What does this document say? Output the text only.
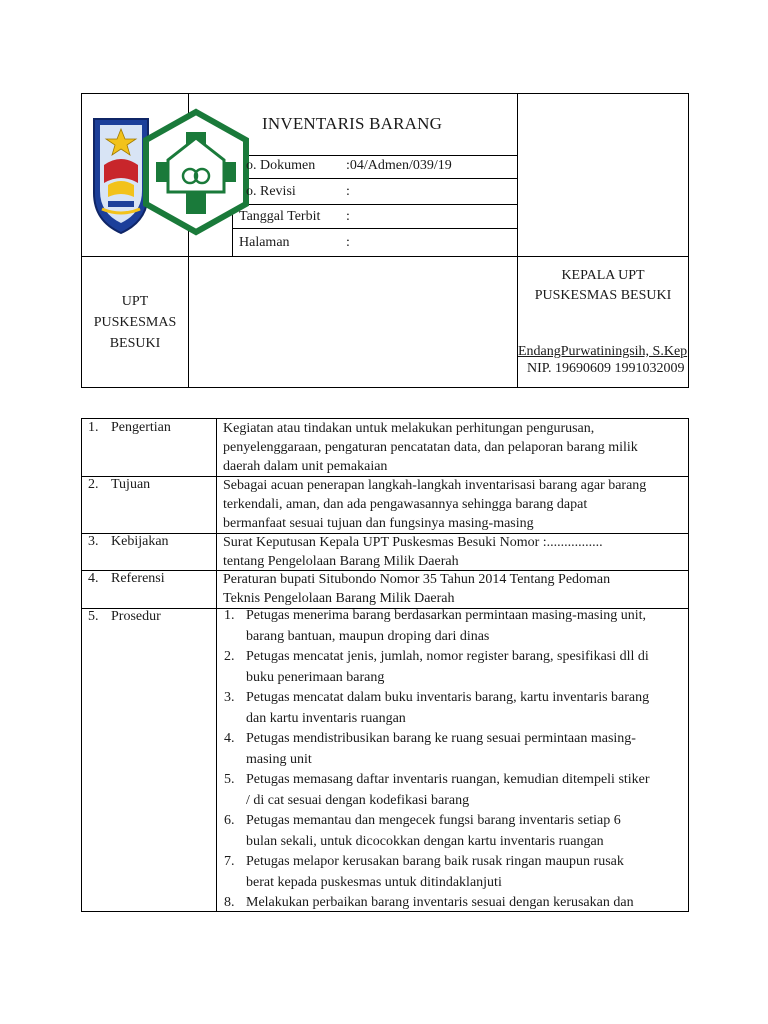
INVENTARIS BARANG
o. Dokumen :04/Admen/039/19
o. Revisi	:
Tanggal Terbit :
Halaman	:
UPT
PUSKESMAS
BESUKI
KEPALA UPT
PUSKESMAS BESUKI
EndangPurwatiningsih, S.Kep
NIP. 19690609 1991032009
1. Pengertian	Kegiatan atau tindakan untuk melakukan perhitungan pengurusan,
penyelenggaraan, pengaturan pencatatan data, dan pelaporan barang milik
daerah dalam unit pemakaian
2. Tujuan	Sebagai acuan penerapan langkah-langkah inventarisasi barang agar barang
terkendali, aman, dan ada pengawasannya sehingga barang dapat
bermanfaat sesuai tujuan dan fungsinya masing-masing
3. Kebijakan	Surat Keputusan Kepala UPT Puskesmas Besuki Nomor :................
tentang Pengelolaan Barang Milik Daerah
4. Referensi	Peraturan bupati Situbondo Nomor 35 Tahun 2014 Tentang Pedoman
Teknis Pengelolaan Barang Milik Daerah
5. Prosedur	1. Petugas menerima barang berdasarkan permintaan masing-masing unit,
barang bantuan, maupun droping dari dinas
2. Petugas mencatat jenis, jumlah, nomor register barang, spesifikasi dll di
buku penerimaan barang
3. Petugas mencatat dalam buku inventaris barang, kartu inventaris barang
dan kartu inventaris ruangan
4. Petugas mendistribusikan barang ke ruang sesuai permintaan masing-
masing unit
5. Petugas memasang daftar inventaris ruangan, kemudian ditempeli stiker
/ di cat sesuai dengan kodefikasi barang
6. Petugas memantau dan mengecek fungsi barang inventaris setiap 6
bulan sekali, untuk dicocokkan dengan kartu inventaris ruangan
7. Petugas melapor kerusakan barang baik rusak ringan maupun rusak
berat kepada puskesmas untuk ditindaklanjuti
8. Melakukan perbaikan barang inventaris sesuai dengan kerusakan dan
